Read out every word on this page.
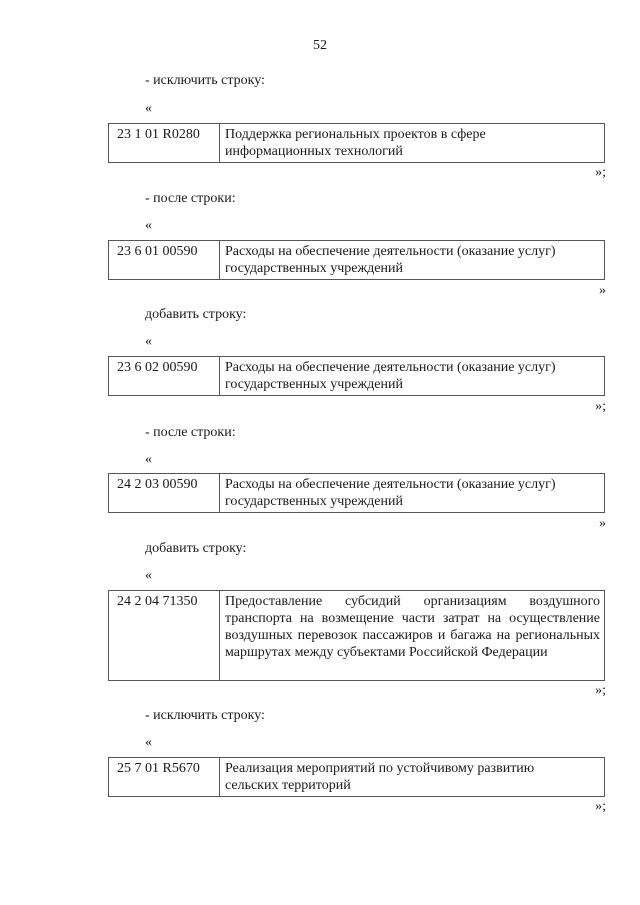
52
- исключить строку:
«
23 1 01 R0280	Поддержка региональных проектов в сфере информационных технологий
»;
- после строки:
«
23 6 01 00590	Расходы на обеспечение деятельности (оказание услуг) государственных учреждений
»
добавить строку:
«
23 6 02 00590	Расходы на обеспечение деятельности (оказание услуг) государственных учреждений
»;
- после строки:
«
24 2 03 00590	Расходы на обеспечение деятельности (оказание услуг) государственных учреждений
»
добавить строку:
«
24 2 04 71350	Предоставление субсидий организациям воздушного транспорта на возмещение части затрат на осуществление воздушных перевозок пассажиров и багажа на региональных маршрутах между субъектами Российской Федерации
»;
- исключить строку:
«
25 7 01 R5670	Реализация мероприятий по устойчивому развитию сельских территорий
»;
